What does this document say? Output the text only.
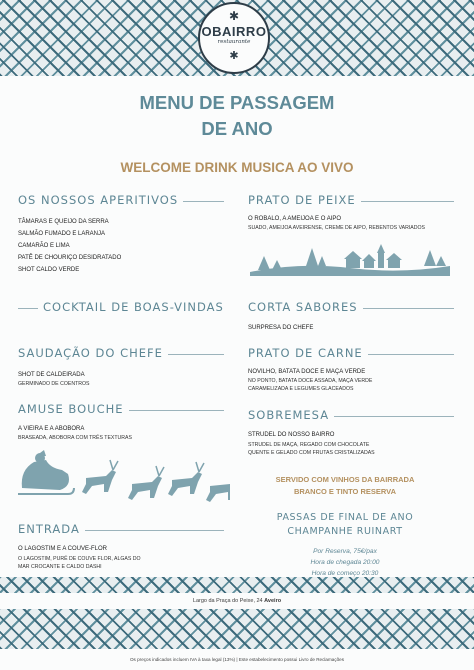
✱
OBAIRRO
restaurante
✱
MENU DE PASSAGEM
DE ANO
WELCOME DRINK MUSICA AO VIVO
OS NOSSOS APERITIVOS
TÂMARAS E QUEIJO DA SERRA
SALMÃO FUMADO E LARANJA
CAMARÃO E LIMA
PATÊ DE CHOURIÇO DESIDRATADO
SHOT CALDO VERDE
COCKTAIL DE BOAS-VINDAS
SAUDAÇÃO DO CHEFE
SHOT DE CALDEIRADA
GERMINADO DE COENTROS
AMUSE BOUCHE
A VIEIRA E A ABOBORA
BRASEADA, ABOBORA COM TRÊS TEXTURAS
ENTRADA
O LAGOSTIM E A COUVE-FLOR
O LAGOSTIM, PURÊ DE COUVE FLOR, ALGAS DO
MAR CROCANTE E CALDO DASHI
PRATO DE PEIXE
O ROBALO, A AMEIJOA E O AIPO
SUADO, AMEIJOA AVEIRENSE, CREME DE AIPO, REBENTOS VARIADOS
CORTA SABORES
SURPRESA DO CHEFE
PRATO DE CARNE
NOVILHO, BATATA DOCE E MAÇA VERDE
NO PONTO, BATATA DOCE ASSADA, MAÇA VERDE
CARAMELIZADA E LEGUMES GLACEADOS
SOBREMESA
STRUDEL DO NOSSO BAIRRO
STRUDEL DE MAÇA, REGADO COM CHOCOLATE
QUENTE E GELADO COM FRUTAS CRISTALIZADAS
SERVIDO COM VINHOS DA BAIRRADA
BRANCO E TINTO RESERVA
PASSAS DE FINAL DE ANO
CHAMPANHE RUINART
Por Reserva, 75€/pax
Hora de chegada 20:00
Hora de começo 20:30
Largo da Praça do Peixe, 24 Aveiro
Os preços indicados incluem IVA à taxa legal (13%) | Este estabelecimento possui Livro de Reclamações
